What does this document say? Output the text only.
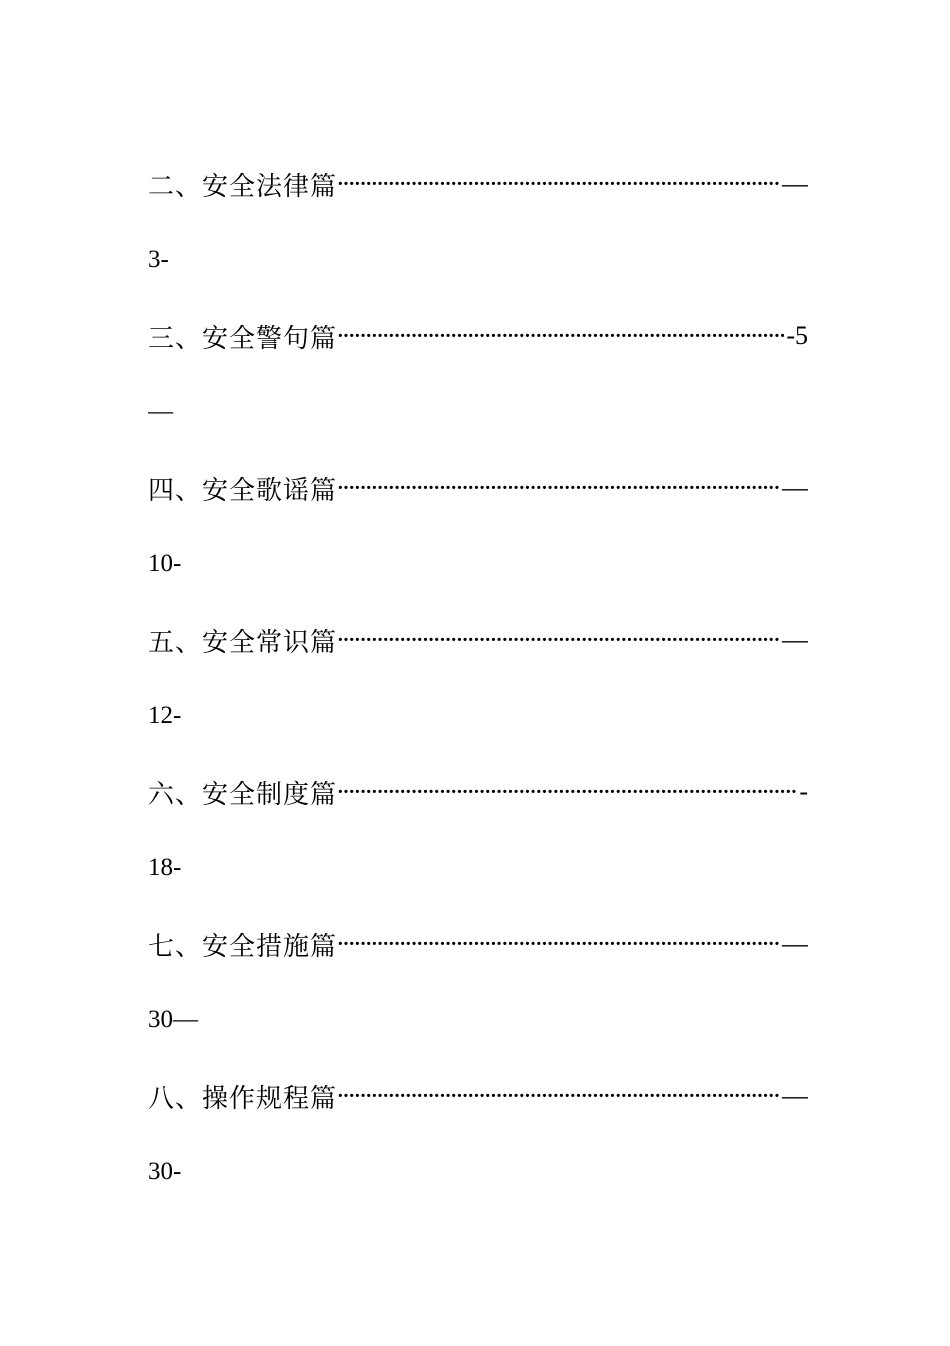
二、安全法律篇 ·····	—
3-
三、安全警句篇 ·····	-5
—
四、安全歌谣篇 ·····	—
10-
五、安全常识篇 ·····	—
12-
六、安全制度篇 ·····	-
18-
七、安全措施篇 ·····	—
30—
八、操作规程篇 ·····	—
30-
